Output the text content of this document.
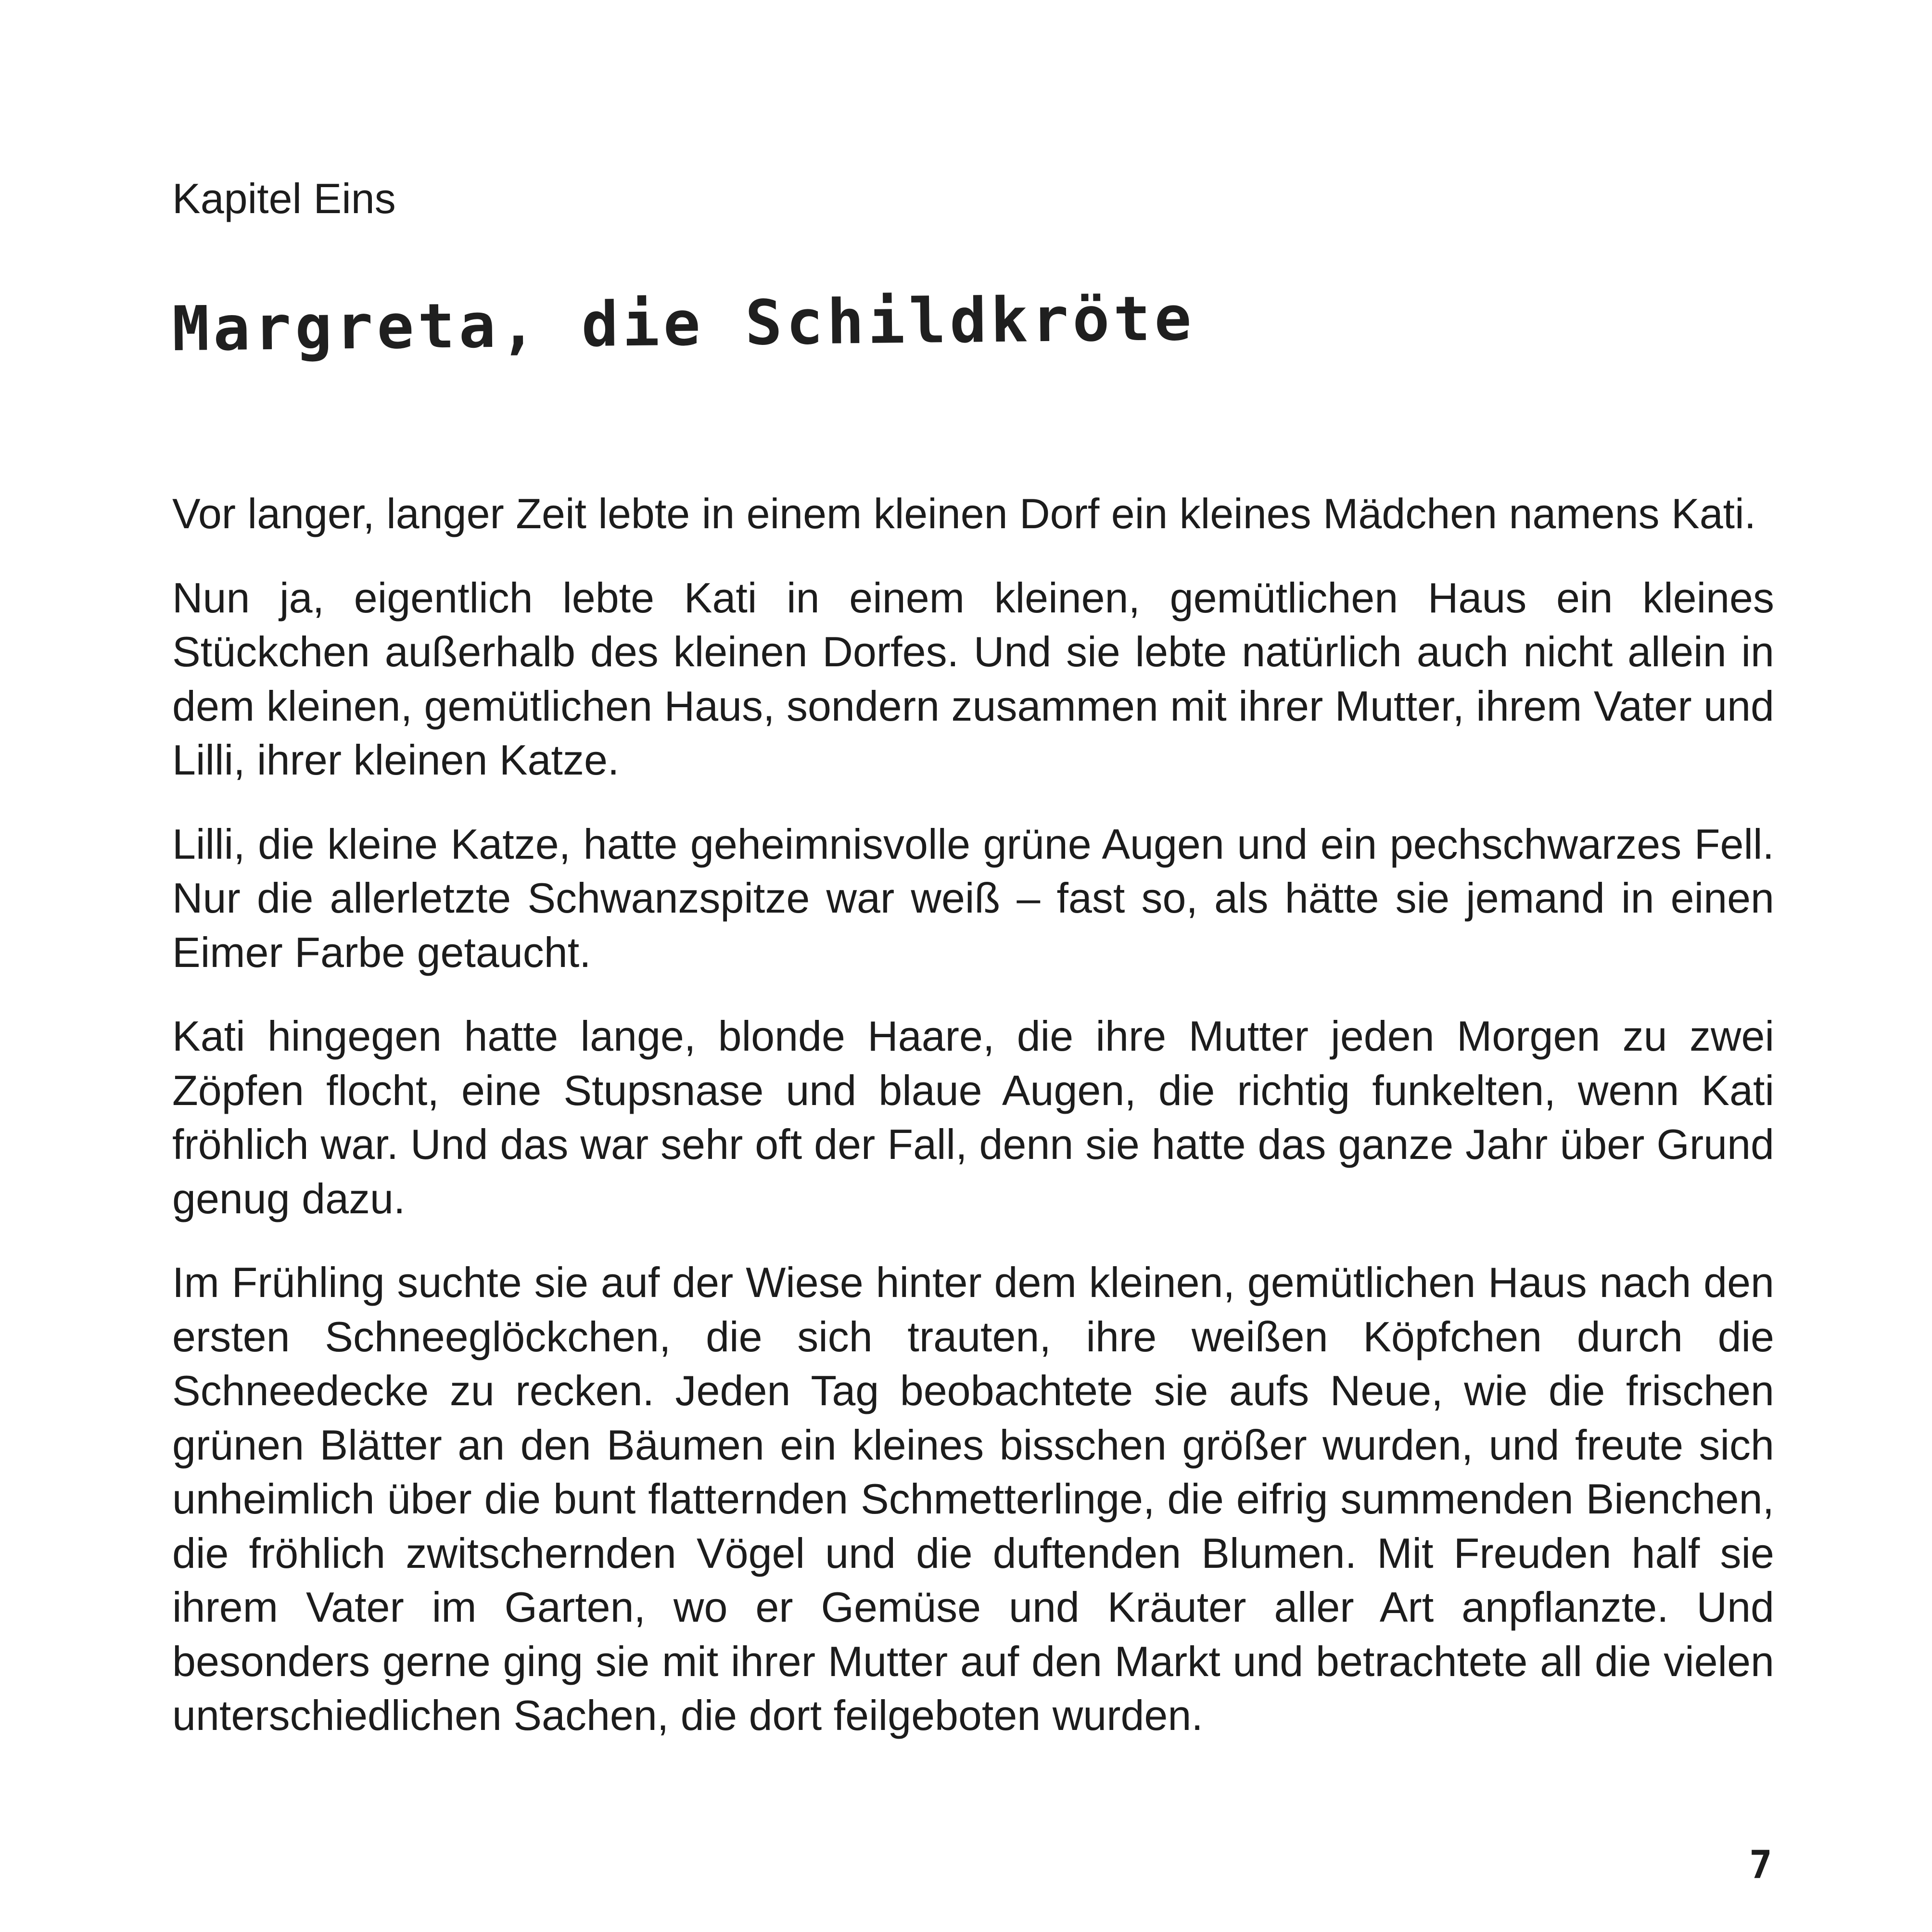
Kapitel Eins
Margreta, die Schildkröte

Vor langer, langer Zeit lebte in einem kleinen Dorf ein kleines Mädchen namens Kati.

Nun ja, eigentlich lebte Kati in einem kleinen, gemütlichen Haus ein kleines Stückchen außerhalb des kleinen Dorfes. Und sie lebte natürlich auch nicht allein in dem kleinen, gemütlichen Haus, sondern zusammen mit ihrer Mutter, ihrem Vater und Lilli, ihrer kleinen Katze.

Lilli, die kleine Katze, hatte geheimnisvolle grüne Augen und ein pechschwarzes Fell. Nur die allerletzte Schwanzspitze war weiß – fast so, als hätte sie jemand in einen Eimer Farbe getaucht.

Kati hingegen hatte lange, blonde Haare, die ihre Mutter jeden Morgen zu zwei Zöpfen flocht, eine Stupsnase und blaue Augen, die richtig funkelten, wenn Kati fröhlich war. Und das war sehr oft der Fall, denn sie hatte das ganze Jahr über Grund genug dazu.

Im Frühling suchte sie auf der Wiese hinter dem kleinen, gemütlichen Haus nach den ersten Schneeglöckchen, die sich trauten, ihre weißen Köpfchen durch die Schneedecke zu recken. Jeden Tag beobachtete sie aufs Neue, wie die frischen grünen Blätter an den Bäumen ein kleines bisschen größer wurden, und freute sich unheimlich über die bunt flatternden Schmetterlinge, die eifrig summenden Bienchen, die fröhlich zwitschernden Vögel und die duftenden Blumen. Mit Freuden half sie ihrem Vater im Garten, wo er Gemüse und Kräuter aller Art anpflanzte. Und besonders gerne ging sie mit ihrer Mutter auf den Markt und betrachtete all die vielen unterschiedlichen Sachen, die dort feilgeboten wurden.

7
